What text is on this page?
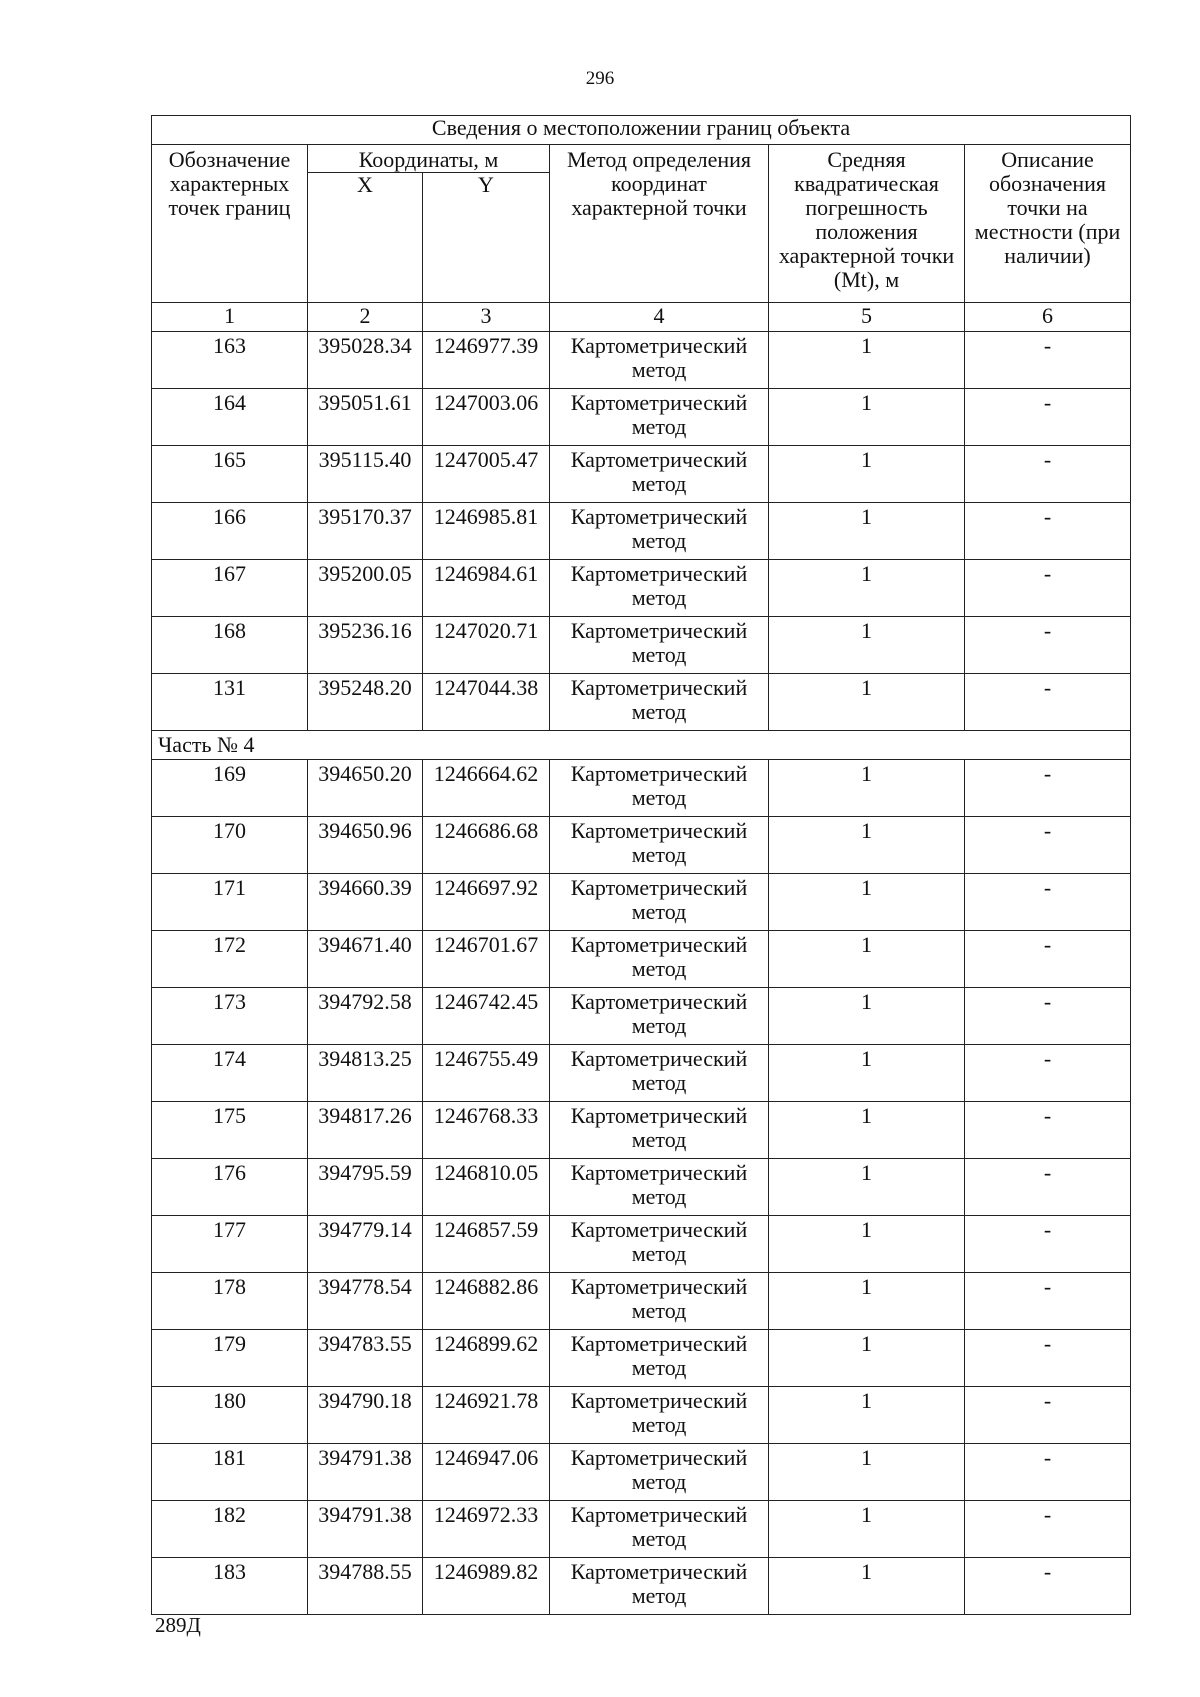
296
Сведения о местоположении границ объекта					
Обозначение характерных точек границ	Координаты, м		Метод определения координат характерной точки	Средняя квадратическая погрешность положения характерной точки (Mt), м	Описание обозначения точки на местности (при наличии)
	X	Y			
1	2	3	4	5	6
163	395028.34	1246977.39	Картометрический метод	1	-
164	395051.61	1247003.06	Картометрический метод	1	-
165	395115.40	1247005.47	Картометрический метод	1	-
166	395170.37	1246985.81	Картометрический метод	1	-
167	395200.05	1246984.61	Картометрический метод	1	-
168	395236.16	1247020.71	Картометрический метод	1	-
131	395248.20	1247044.38	Картометрический метод	1	-
Часть № 4					
169	394650.20	1246664.62	Картометрический метод	1	-
170	394650.96	1246686.68	Картометрический метод	1	-
171	394660.39	1246697.92	Картометрический метод	1	-
172	394671.40	1246701.67	Картометрический метод	1	-
173	394792.58	1246742.45	Картометрический метод	1	-
174	394813.25	1246755.49	Картометрический метод	1	-
175	394817.26	1246768.33	Картометрический метод	1	-
176	394795.59	1246810.05	Картометрический метод	1	-
177	394779.14	1246857.59	Картометрический метод	1	-
178	394778.54	1246882.86	Картометрический метод	1	-
179	394783.55	1246899.62	Картометрический метод	1	-
180	394790.18	1246921.78	Картометрический метод	1	-
181	394791.38	1246947.06	Картометрический метод	1	-
182	394791.38	1246972.33	Картометрический метод	1	-
183	394788.55	1246989.82	Картометрический метод	1	-
289Д
